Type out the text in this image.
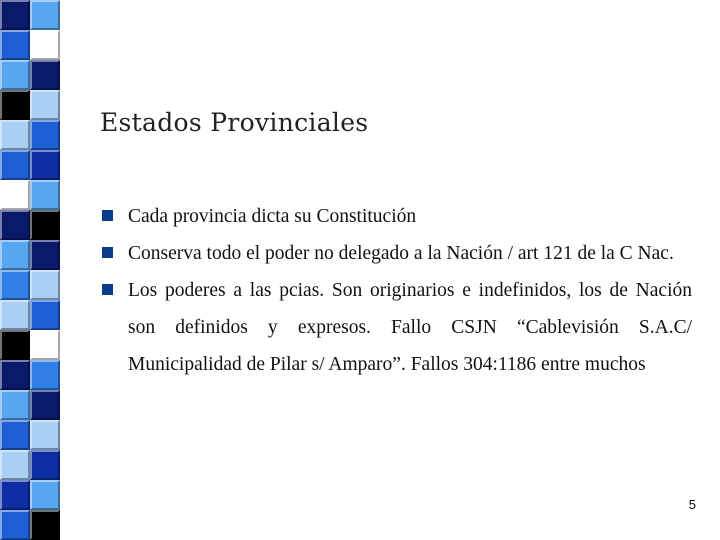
Estados Provinciales
Cada provincia dicta su Constitución
Conserva todo el poder no delegado a la Nación / art 121 de la C Nac.
Los poderes a las pcias. Son originarios e indefinidos, los de Nación son definidos y expresos. Fallo CSJN “Cablevisión S.A.C/ Municipalidad de Pilar s/ Amparo”. Fallos 304:1186 entre muchos
5
